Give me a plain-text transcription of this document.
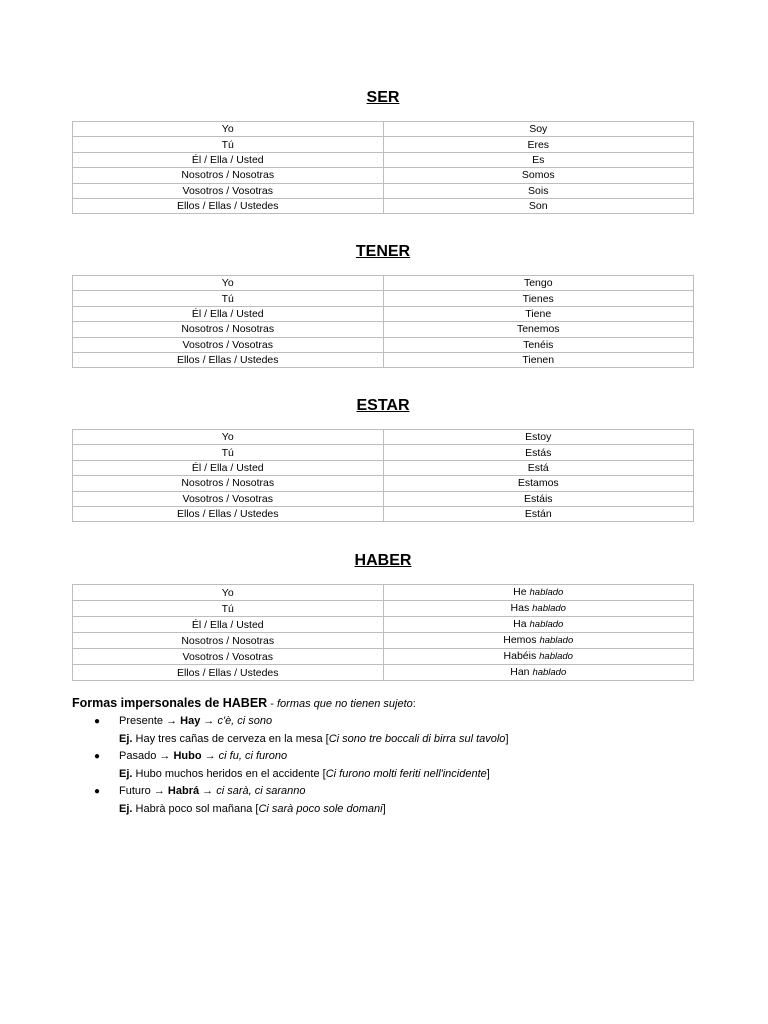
SER
Yo	Soy
Tú	Eres
Él / Ella / Usted	Es
Nosotros / Nosotras	Somos
Vosotros / Vosotras	Sois
Ellos / Ellas / Ustedes	Son
TENER
Yo	Tengo
Tú	Tienes
Él / Ella / Usted	Tiene
Nosotros / Nosotras	Tenemos
Vosotros / Vosotras	Tenéis
Ellos / Ellas / Ustedes	Tienen
ESTAR
Yo	Estoy
Tú	Estás
Él / Ella / Usted	Está
Nosotros / Nosotras	Estamos
Vosotros / Vosotras	Estáis
Ellos / Ellas / Ustedes	Están
HABER
Yo	He hablado
Tú	Has hablado
Él / Ella / Usted	Ha hablado
Nosotros / Nosotras	Hemos hablado
Vosotros / Vosotras	Habéis hablado
Ellos / Ellas / Ustedes	Han hablado
Formas impersonales de HABER - formas que no tienen sujeto:
● Presente → Hay → c'è, ci sono
Ej. Hay tres cañas de cerveza en la mesa [Ci sono tre boccali di birra sul tavolo]
● Pasado → Hubo → ci fu, ci furono
Ej. Hubo muchos heridos en el accidente [Ci furono molti feriti nell'incidente]
● Futuro → Habrá → ci sarà, ci saranno
Ej. Habrà poco sol mañana [Ci sarà poco sole domani]
